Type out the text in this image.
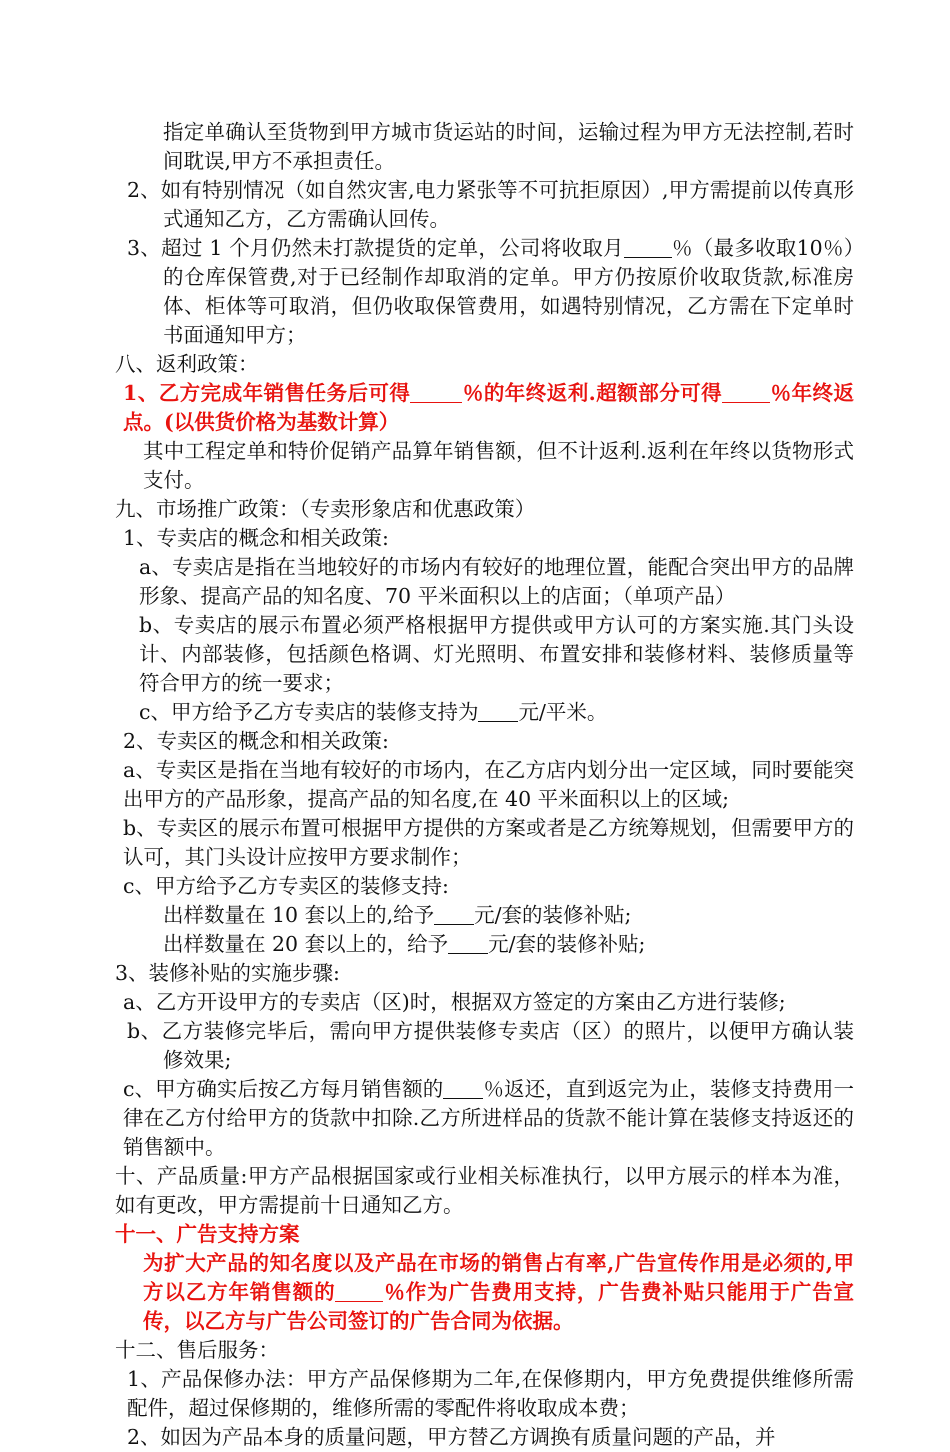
指定单确认至货物到甲方城市货运站的时间，运输过程为甲方无法控制,若时间耽误,甲方不承担责任。

2、如有特别情况（如自然灾害,电力紧张等不可抗拒原因）,甲方需提前以传真形式通知乙方，乙方需确认回传。

3、超过 1 个月仍然未打款提货的定单，公司将收取月 ％（最多收取10％）的仓库保管费,对于已经制作却取消的定单。甲方仍按原价收取货款,标准房体、柜体等可取消，但仍收取保管费用，如遇特别情况，乙方需在下定单时书面通知甲方；

八、返利政策：

1、乙方完成年销售任务后可得	％的年终返利.超额部分可得 ％年终返点。(以供货价格为基数计算）

其中工程定单和特价促销产品算年销售额，但不计返利.返利在年终以货物形式支付。

九、市场推广政策：（专卖形象店和优惠政策）

1、专卖店的概念和相关政策:

a、专卖店是指在当地较好的市场内有较好的地理位置，能配合突出甲方的品牌形象、提高产品的知名度、70 平米面积以上的店面；（单项产品）

b、专卖店的展示布置必须严格根据甲方提供或甲方认可的方案实施.其门头设计、内部装修，包括颜色格调、灯光照明、布置安排和装修材料、装修质量等符合甲方的统一要求；

c、甲方给予乙方专卖店的装修支持为 元/平米。

2、专卖区的概念和相关政策:

a、专卖区是指在当地有较好的市场内，在乙方店内划分出一定区域，同时要能突出甲方的产品形象，提高产品的知名度,在 40 平米面积以上的区域;

b、专卖区的展示布置可根据甲方提供的方案或者是乙方统筹规划，但需要甲方的认可，其门头设计应按甲方要求制作；

c、甲方给予乙方专卖区的装修支持:

出样数量在 10 套以上的,给予 元/套的装修补贴;

出样数量在 20 套以上的，给予 元/套的装修补贴;

3、装修补贴的实施步骤:

a、乙方开设甲方的专卖店（区)时，根据双方签定的方案由乙方进行装修;

b、乙方装修完毕后，需向甲方提供装修专卖店（区）的照片，以便甲方确认装修效果;

c、甲方确实后按乙方每月销售额的 ％返还，直到返完为止，装修支持费用一律在乙方付给甲方的货款中扣除.乙方所进样品的货款不能计算在装修支持返还的销售额中。

十、产品质量:甲方产品根据国家或行业相关标准执行，以甲方展示的样本为准，如有更改，甲方需提前十日通知乙方。

十一、广告支持方案

为扩大产品的知名度以及产品在市场的销售占有率,广告宣传作用是必须的,甲方以乙方年销售额的 ％作为广告费用支持，广告费补贴只能用于广告宣传，以乙方与广告公司签订的广告合同为依据。

十二、售后服务：

1、产品保修办法：甲方产品保修期为二年,在保修期内，甲方免费提供维修所需配件，超过保修期的，维修所需的零配件将收取成本费；

2、如因为产品本身的质量问题，甲方替乙方调换有质量问题的产品，并
